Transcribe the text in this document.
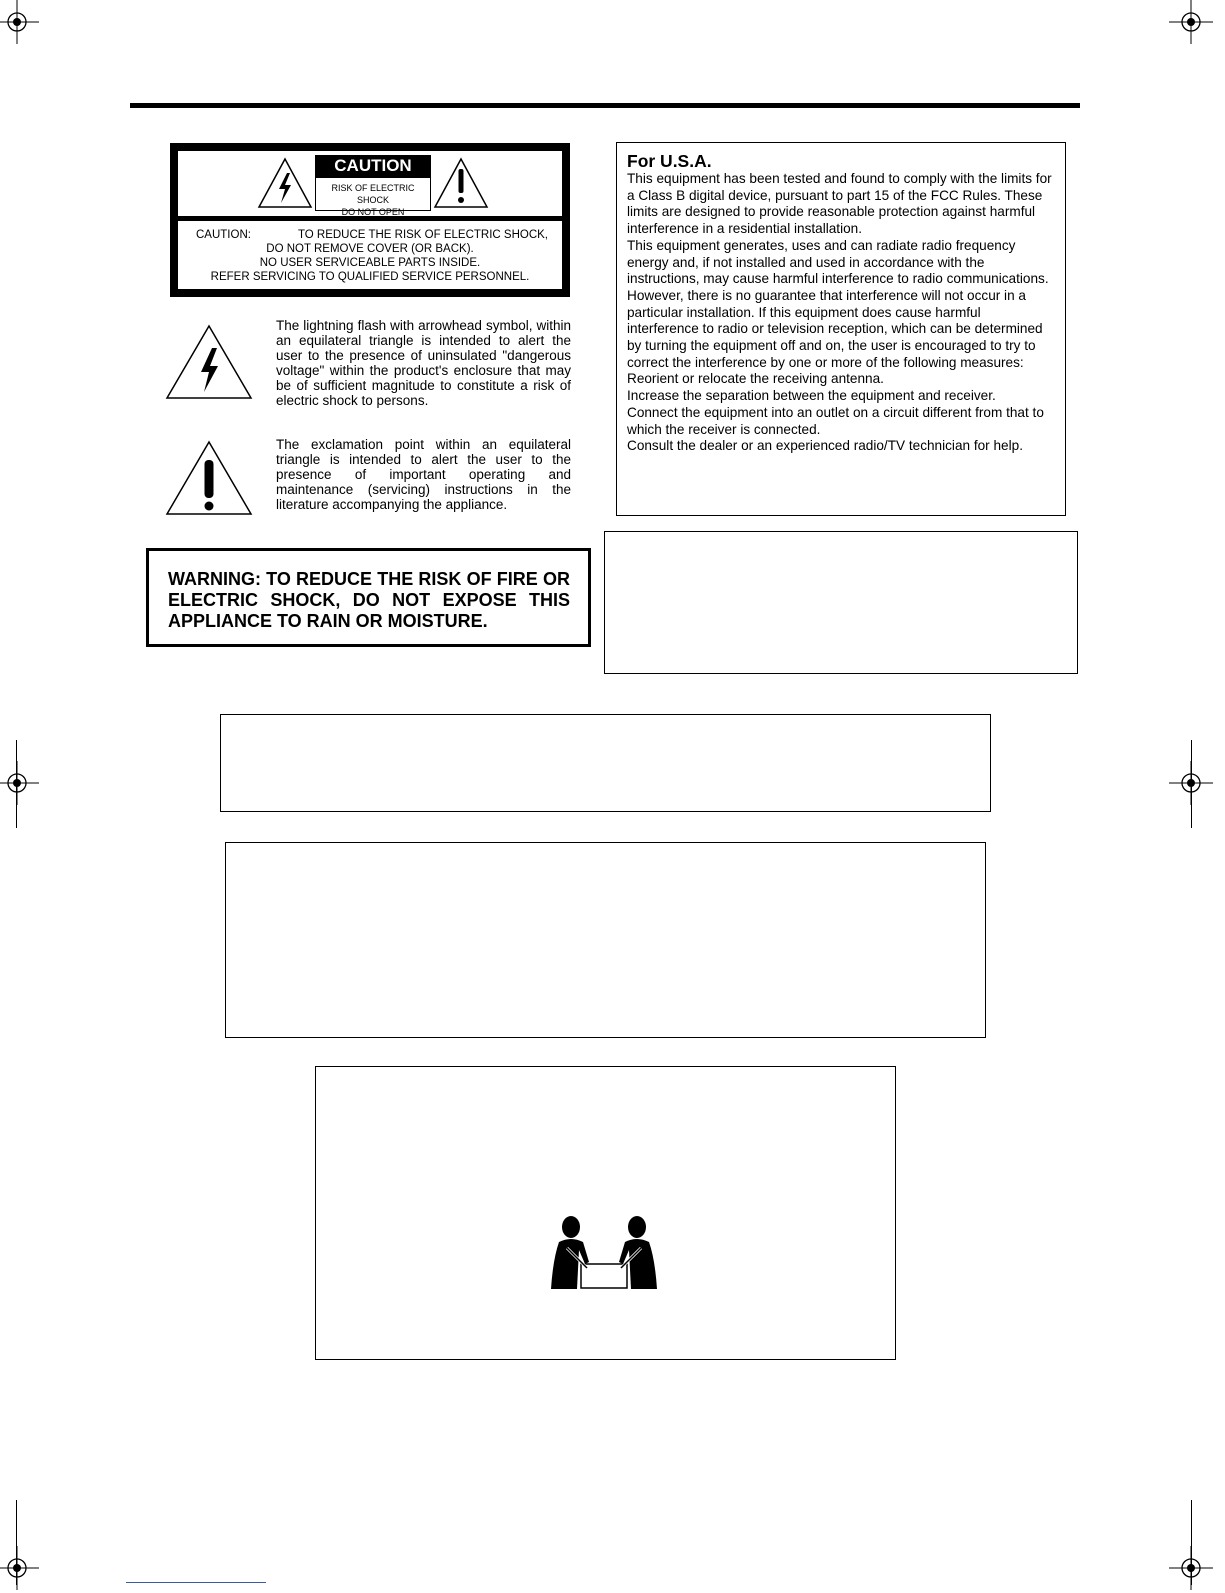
CAUTION
RISK OF ELECTRIC SHOCK
DO NOT OPEN
CAUTION:	TO REDUCE THE RISK OF ELECTRIC SHOCK,
DO NOT REMOVE COVER (OR BACK).
NO USER SERVICEABLE PARTS INSIDE.
REFER SERVICING TO QUALIFIED SERVICE PERSONNEL.
The lightning flash with arrowhead symbol, within an equilateral triangle is intended to alert the user to the presence of uninsulated "dangerous voltage" within the product's enclosure that may be of sufficient magnitude to constitute a risk of electric shock to persons.
The exclamation point within an equilateral triangle is intended to alert the user to the presence of important operating and maintenance (servicing) instructions in the literature accompanying the appliance.
For U.S.A.

This equipment has been tested and found to comply with the limits for a Class B digital device, pursuant to part 15 of the FCC Rules. These limits are designed to provide reasonable protection against harmful interference in a residential installation.

This equipment generates, uses and can radiate radio frequency energy and, if not installed and used in accordance with the instructions, may cause harmful interference to radio communications. However, there is no guarantee that interference will not occur in a particular installation. If this equipment does cause harmful interference to radio or television reception, which can be determined by turning the equipment off and on, the user is encouraged to try to correct the interference by one or more of the following measures:

Reorient or relocate the receiving antenna.

Increase the separation between the equipment and receiver.

Connect the equipment into an outlet on a circuit different from that to which the receiver is connected.

Consult the dealer or an experienced radio/TV technician for help.

WARNING: TO REDUCE THE RISK OF FIRE OR ELECTRIC SHOCK, DO NOT EXPOSE THIS APPLIANCE TO RAIN OR MOISTURE.
